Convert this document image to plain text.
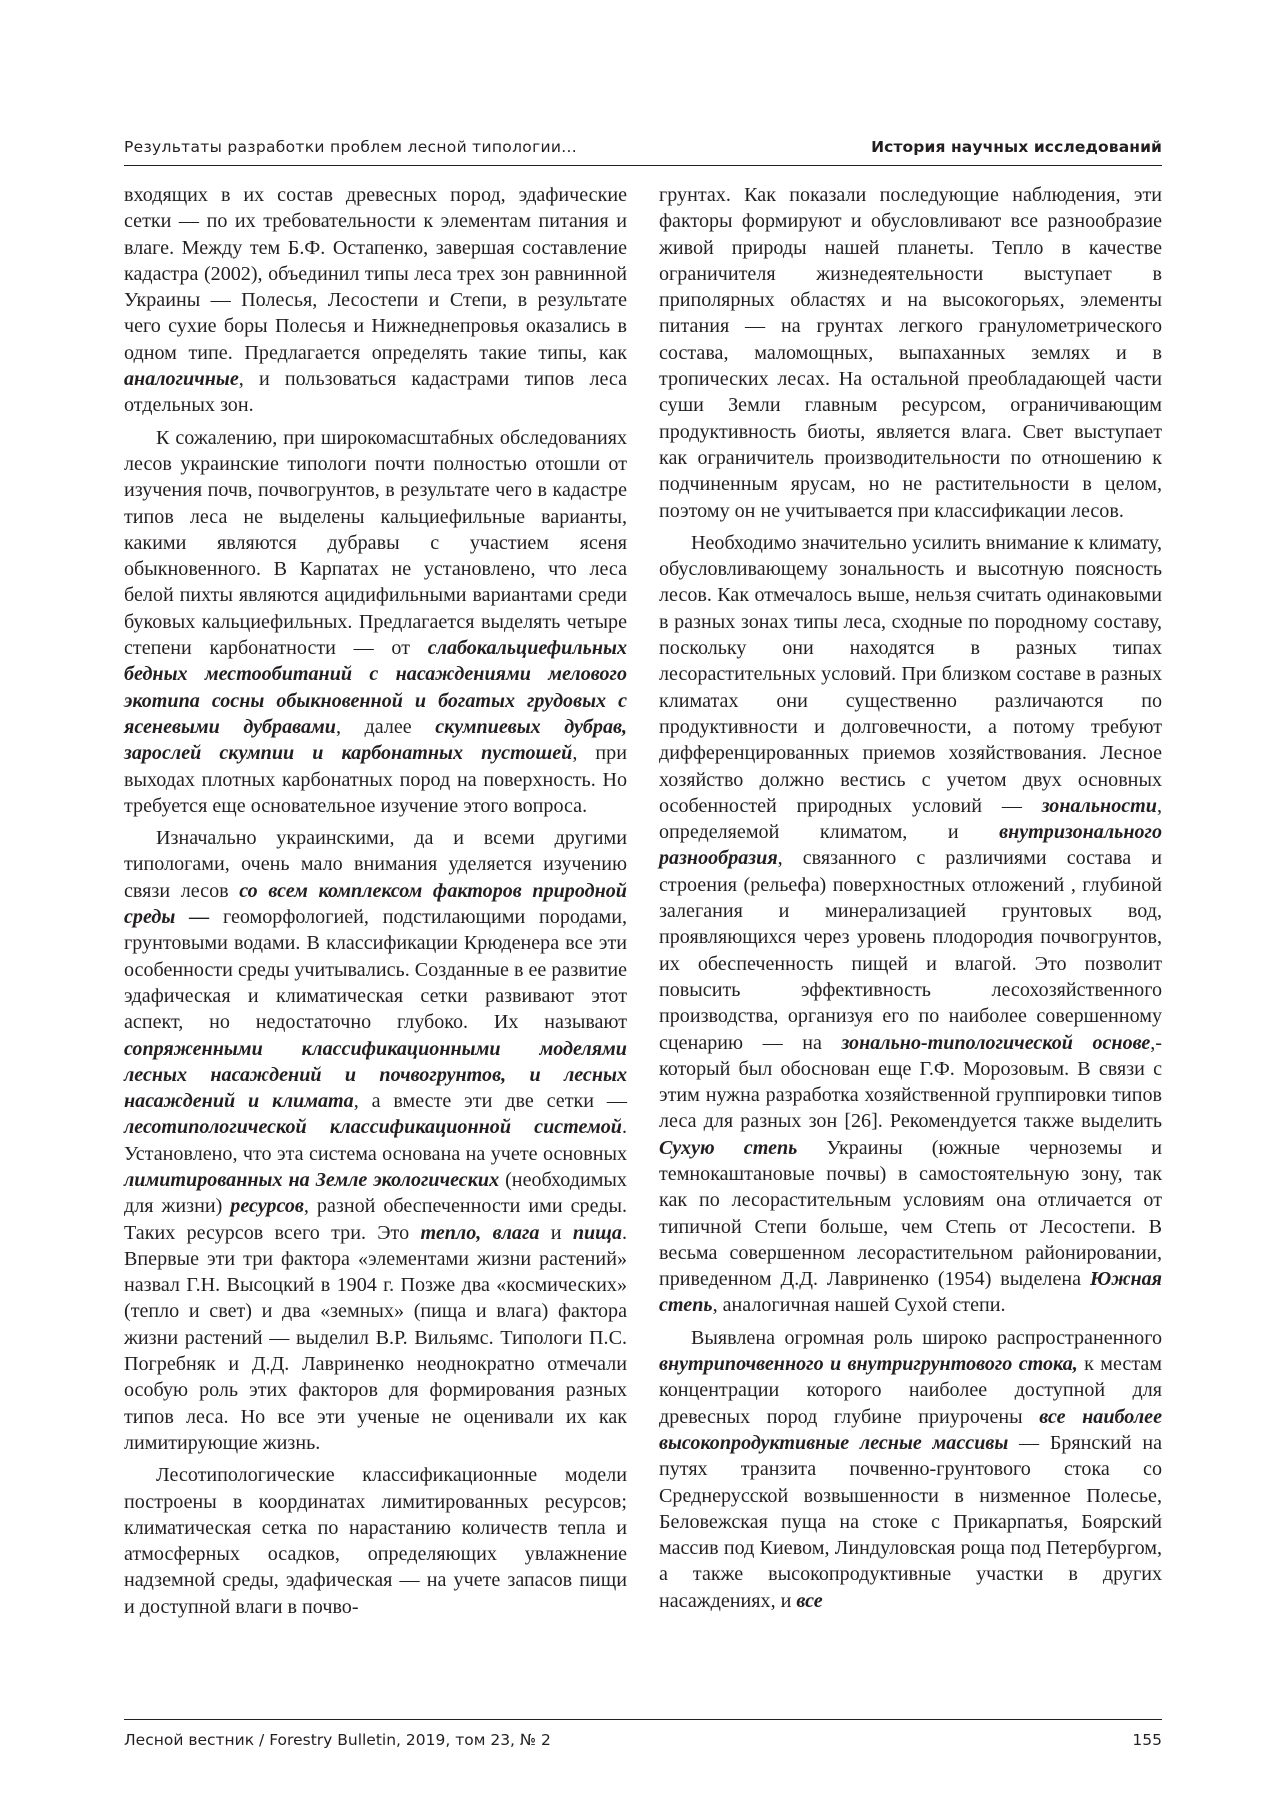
Результаты разработки проблем лесной типологии...	История научных исследований

входящих в их состав древесных пород, эдафические сетки — по их требовательности к элементам питания и влаге. Между тем Б.Ф. Остапенко, завершая составление кадастра (2002), объединил типы леса трех зон равнинной Украины — Полесья, Лесостепи и Степи, в результате чего сухие боры Полесья и Нижнеднепровья оказались в одном типе. Предлагается определять такие типы, как аналогичные, и пользоваться кадастрами типов леса отдельных зон.

К сожалению, при широкомасштабных обследованиях лесов украинские типологи почти полностью отошли от изучения почв, почвогрунтов, в результате чего в кадастре типов леса не выделены кальциефильные варианты, какими являются дубравы с участием ясеня обыкновенного. В Карпатах не установлено, что леса белой пихты являются ацидифильными вариантами среди буковых кальциефильных. Предлагается выделять четыре степени карбонатности — от слабокальциефильных бедных местообитаний с насаждениями мелового экотипа сосны обыкновенной и богатых грудовых с ясеневыми дубравами, далее скумпиевых дубрав, зарослей скумпии и карбонатных пустошей, при выходах плотных карбонатных пород на поверхность. Но требуется еще основательное изучение этого вопроса.

Изначально украинскими, да и всеми другими типологами, очень мало внимания уделяется изучению связи лесов со всем комплексом факторов природной среды — геоморфологией, подстилающими породами, грунтовыми водами. В классификации Крюденера все эти особенности среды учитывались. Созданные в ее развитие эдафическая и климатическая сетки развивают этот аспект, но недостаточно глубоко. Их называют сопряженными классификационными моделями лесных насаждений и почвогрунтов, и лесных насаждений и климата, а вместе эти две сетки — лесотипологической классификационной системой. Установлено, что эта система основана на учете основных лимитированных на Земле экологических (необходимых для жизни) ресурсов, разной обеспеченности ими среды. Таких ресурсов всего три. Это тепло, влага и пища. Впервые эти три фактора «элементами жизни растений» назвал Г.Н. Высоцкий в 1904 г. Позже два «космических» (тепло и свет) и два «земных» (пища и влага) фактора жизни растений — выделил В.Р. Вильямс. Типологи П.С. Погребняк и Д.Д. Лавриненко неоднократно отмечали особую роль этих факторов для формирования разных типов леса. Но все эти ученые не оценивали их как лимитирующие жизнь.

Лесотипологические классификационные модели построены в координатах лимитированных ресурсов; климатическая сетка по нарастанию количеств тепла и атмосферных осадков, определяющих увлажнение надземной среды, эдафическая — на учете запасов пищи и доступной влаги в почво-

грунтах. Как показали последующие наблюдения, эти факторы формируют и обусловливают все разнообразие живой природы нашей планеты. Тепло в качестве ограничителя жизнедеятельности выступает в приполярных областях и на высокогорьях, элементы питания — на грунтах легкого гранулометрического состава, маломощных, выпаханных землях и в тропических лесах. На остальной преобладающей части суши Земли главным ресурсом, ограничивающим продуктивность биоты, является влага. Свет выступает как ограничитель производительности по отношению к подчиненным ярусам, но не растительности в целом, поэтому он не учитывается при классификации лесов.

Необходимо значительно усилить внимание к климату, обусловливающему зональность и высотную поясность лесов. Как отмечалось выше, нельзя считать одинаковыми в разных зонах типы леса, сходные по породному составу, поскольку они находятся в разных типах лесорастительных условий. При близком составе в разных климатах они существенно различаются по продуктивности и долговечности, а потому требуют дифференцированных приемов хозяйствования. Лесное хозяйство должно вестись с учетом двух основных особенностей природных условий — зональности, определяемой климатом, и внутризонального разнообразия, связанного с различиями состава и строения (рельефа) поверхностных отложений , глубиной залегания и минерализацией грунтовых вод, проявляющихся через уровень плодородия почвогрунтов, их обеспеченность пищей и влагой. Это позволит повысить эффективность лесохозяйственного производства, организуя его по наиболее совершенному сценарию — на зонально-типологической основе,- который был обоснован еще Г.Ф. Морозовым. В связи с этим нужна разработка хозяйственной группировки типов леса для разных зон [26]. Рекомендуется также выделить Сухую степь Украины (южные черноземы и темнокаштановые почвы) в самостоятельную зону, так как по лесорастительным условиям она отличается от типичной Степи больше, чем Степь от Лесостепи. В весьма совершенном лесорастительном районировании, приведенном Д.Д. Лавриненко (1954) выделена Южная степь, аналогичная нашей Сухой степи.

Выявлена огромная роль широко распространенного внутрипочвенного и внутригрунтового стока, к местам концентрации которого наиболее доступной для древесных пород глубине приурочены все наиболее высокопродуктивные лесные массивы — Брянский на путях транзита почвенно-грунтового стока со Среднерусской возвышенности в низменное Полесье, Беловежская пуща на стоке с Прикарпатья, Боярский массив под Киевом, Линдуловская роща под Петербургом, а также высокопродуктивные участки в других насаждениях, и все

Лесной вестник / Forestry Bulletin, 2019, том 23, № 2	155
